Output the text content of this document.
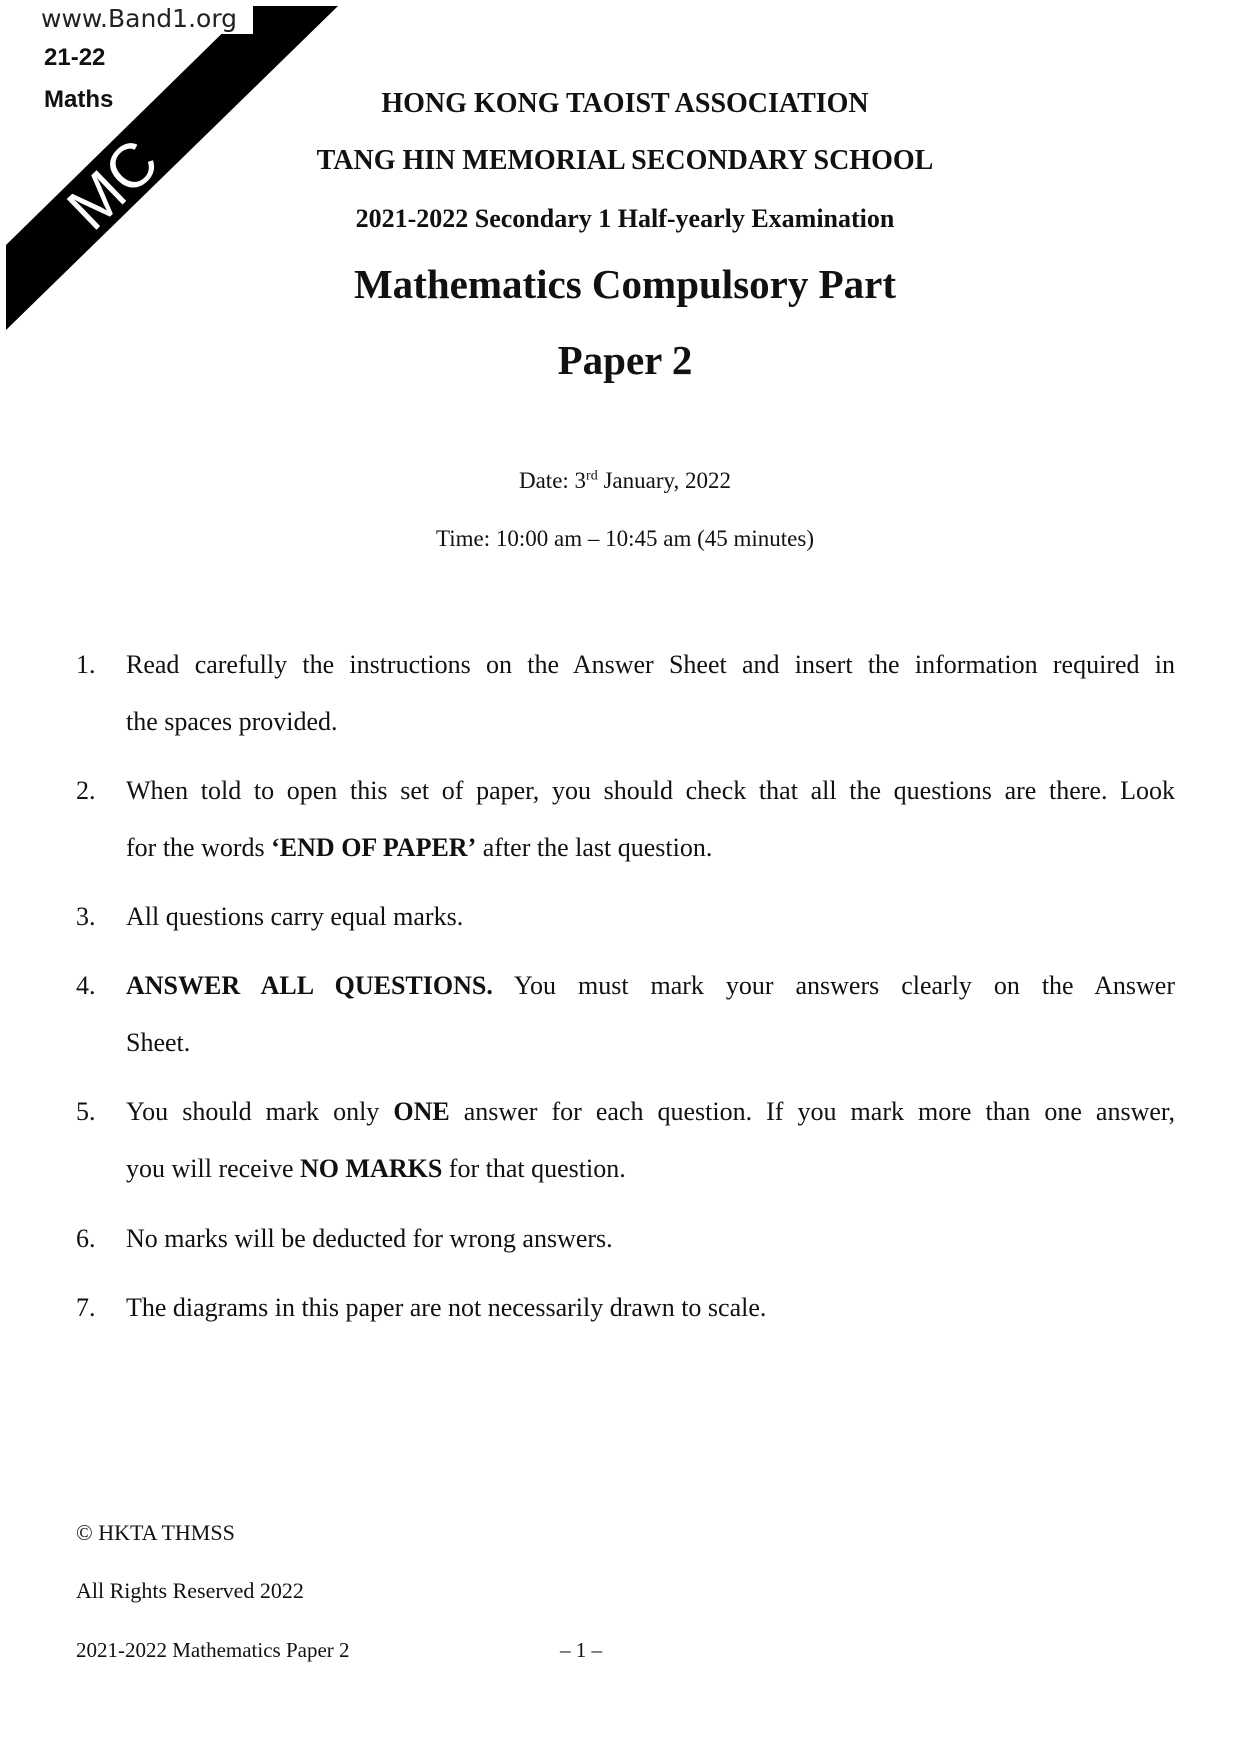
MC
www.Band1.org
21-22
Maths	HONG KONG TAOIST ASSOCIATION
TANG HIN MEMORIAL SECONDARY SCHOOL
2021-2022 Secondary 1 Half-yearly Examination
Mathematics Compulsory Part
Paper 2
Date: 3rd January, 2022
Time: 10:00 am – 10:45 am (45 minutes)
1. Read carefully the instructions on the Answer Sheet and insert the information required in
the spaces provided.
2. When told to open this set of paper, you should check that all the questions are there. Look
for the words ‘END OF PAPER’ after the last question.
3. All questions carry equal marks.
4. ANSWER ALL QUESTIONS. You must mark your answers clearly on the Answer
Sheet.
5. You should mark only ONE answer for each question. If you mark more than one answer,
you will receive NO MARKS for that question.
6. No marks will be deducted for wrong answers.
7. The diagrams in this paper are not necessarily drawn to scale.
© HKTA THMSS
All Rights Reserved 2022
2021-2022 Mathematics Paper 2	– 1 –
